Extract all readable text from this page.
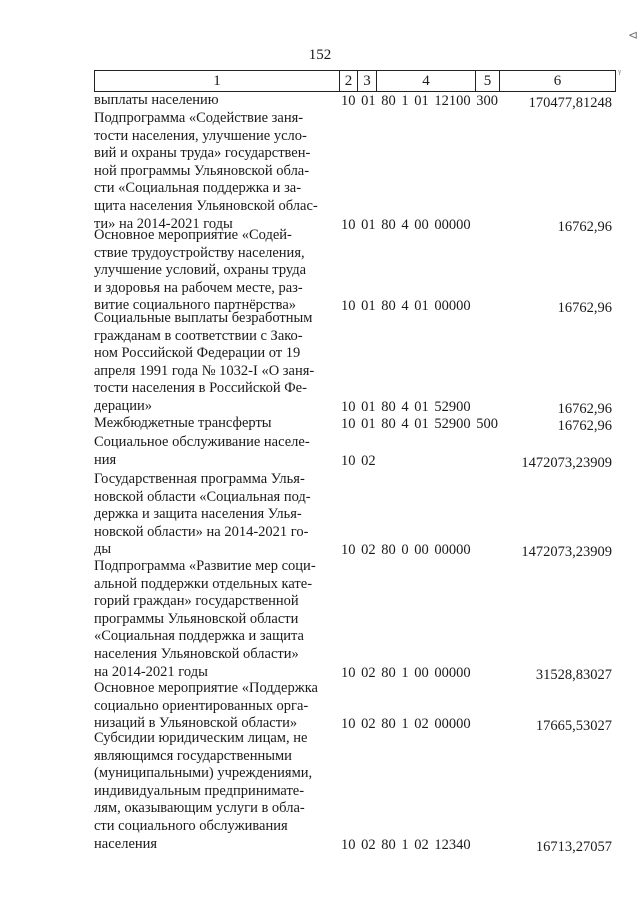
152
1	2 3	4	5	6
выплаты населению	10 01 80 1 01 12100 300 170477,81248
Подпрограмма «Содействие заня-
тости населения, улучшение усло-
вий и охраны труда» государствен-
ной программы Ульяновской обла-
сти «Социальная поддержка и за-
щита населения Ульяновской облас-
ти» на 2014-2021 годы	10 01 80 4 00 00000	16762,96
Основное мероприятие «Содей-
ствие трудоустройству населения,
улучшение условий, охраны труда
и здоровья на рабочем месте, раз-
витие социального партнёрства»	10 01 80 4 01 00000	16762,96
Социальные выплаты безработным
гражданам в соответствии с Зако-
ном Российской Федерации от 19
апреля 1991 года № 1032-I «О заня-
тости населения в Российской Фе-
дерации»	10 01 80 4 01 52900	16762,96
Межбюджетные трансферты	10 01 80 4 01 52900 500	16762,96
Социальное обслуживание населе-
ния	10 02	1472073,23909
Государственная программа Улья-
новской области «Социальная под-
держка и защита населения Улья-
новской области» на 2014-2021 го-
ды	10 02 80 0 00 00000	1472073,23909
Подпрограмма «Развитие мер соци-
альной поддержки отдельных кате-
горий граждан» государственной
программы Ульяновской области
«Социальная поддержка и защита
населения Ульяновской области»
на 2014-2021 годы	10 02 80 1 00 00000	31528,83027
Основное мероприятие «Поддержка
социально ориентированных орга-
низаций в Ульяновской области»	10 02 80 1 02 00000	17665,53027
Субсидии юридическим лицам, не
являющимся государственными
(муниципальными) учреждениями,
индивидуальным предпринимате-
лям, оказывающим услуги в обла-
сти социального обслуживания
населения	10 02 80 1 02 12340	16713,27057
⊲
ᵞ
